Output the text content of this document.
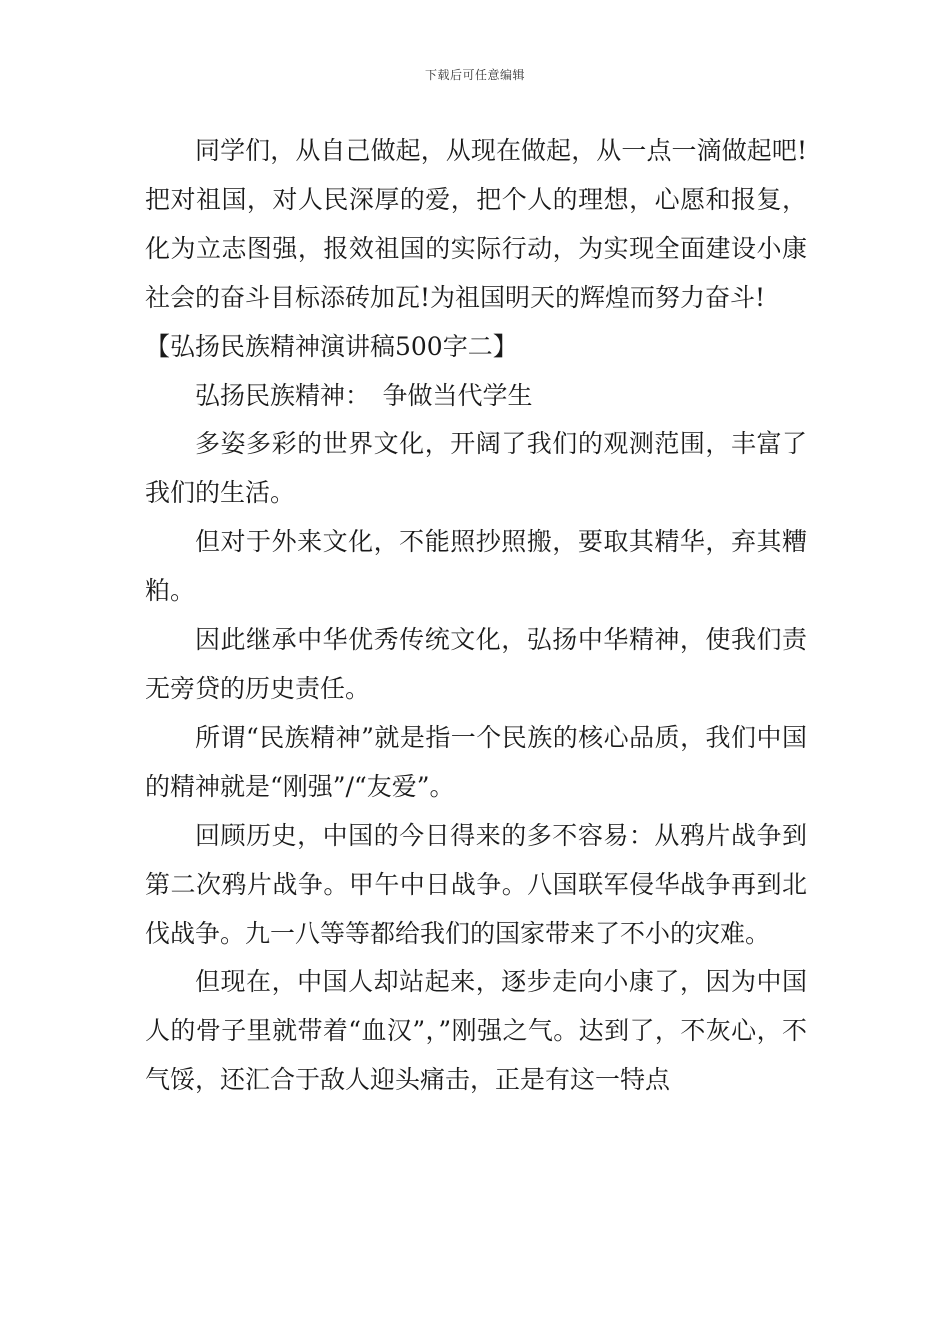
下载后可任意编辑

同学们，从自己做起，从现在做起，从一点一滴做起吧!把对祖国，对人民深厚的爱，把个人的理想，心愿和报复，化为立志图强，报效祖国的实际行动，为实现全面建设小康社会的奋斗目标添砖加瓦!为祖国明天的辉煌而努力奋斗!

【弘扬民族精神演讲稿500字二】

弘扬民族精神：　争做当代学生

多姿多彩的世界文化，开阔了我们的观测范围，丰富了我们的生活。

但对于外来文化，不能照抄照搬，要取其精华，弃其糟粕。

因此继承中华优秀传统文化，弘扬中华精神，使我们责无旁贷的历史责任。

所谓“民族精神”就是指一个民族的核心品质，我们中国的精神就是“刚强”/“友爱”。

回顾历史，中国的今日得来的多不容易：从鸦片战争到第二次鸦片战争。甲午中日战争。八国联军侵华战争再到北伐战争。九一八等等都给我们的国家带来了不小的灾难。

但现在，中国人却站起来，逐步走向小康了，因为中国人的骨子里就带着“血汉”，”刚强之气。达到了，不灰心，不气馁，还汇合于敌人迎头痛击，正是有这一特点
